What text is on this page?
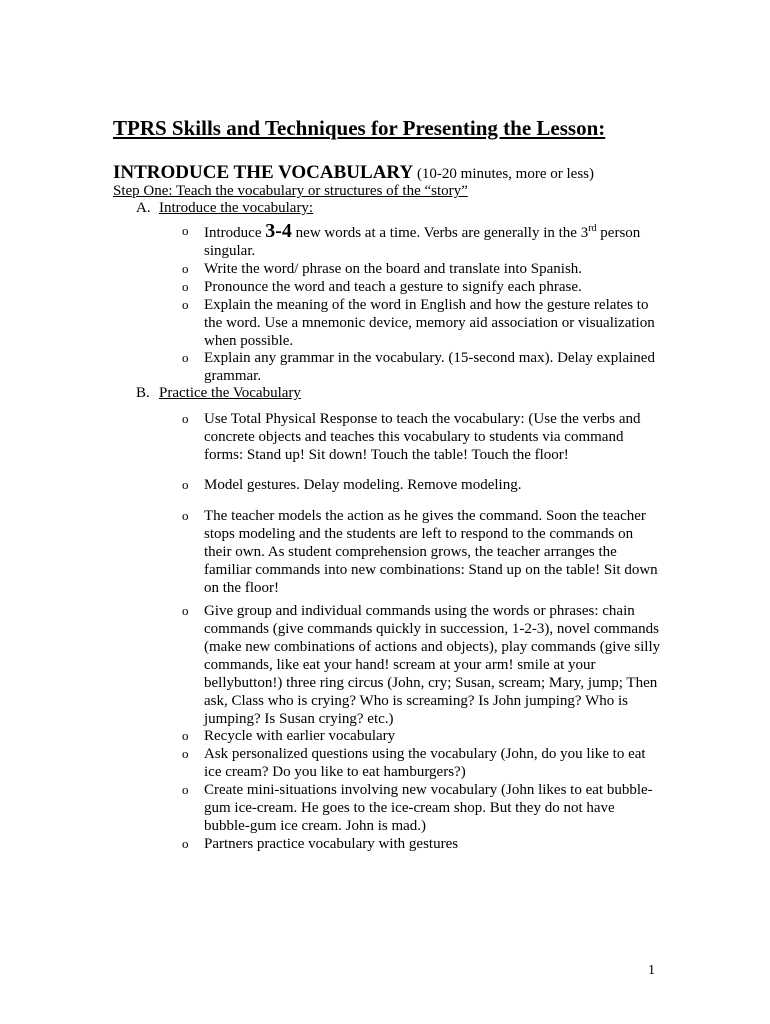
TPRS Skills and Techniques for Presenting the Lesson:
INTRODUCE THE VOCABULARY (10-20 minutes, more or less)
Step One: Teach the vocabulary or structures of the “story”
A. Introduce the vocabulary:
o Introduce 3-4 new words at a time. Verbs are generally in the 3rd person singular.
o Write the word/ phrase on the board and translate into Spanish.
o Pronounce the word and teach a gesture to signify each phrase.
o Explain the meaning of the word in English and how the gesture relates to the word. Use a mnemonic device, memory aid association or visualization when possible.
o Explain any grammar in the vocabulary. (15-second max). Delay explained grammar.
B. Practice the Vocabulary
o Use Total Physical Response to teach the vocabulary: (Use the verbs and concrete objects and teaches this vocabulary to students via command forms: Stand up! Sit down! Touch the table! Touch the floor!
o Model gestures. Delay modeling. Remove modeling.
o The teacher models the action as he gives the command. Soon the teacher stops modeling and the students are left to respond to the commands on their own. As student comprehension grows, the teacher arranges the familiar commands into new combinations: Stand up on the table! Sit down on the floor!
o Give group and individual commands using the words or phrases: chain commands (give commands quickly in succession, 1-2-3), novel commands (make new combinations of actions and objects), play commands (give silly commands, like eat your hand! scream at your arm! smile at your bellybutton!) three ring circus (John, cry; Susan, scream; Mary, jump; Then ask, Class who is crying? Who is screaming? Is John jumping? Who is jumping? Is Susan crying? etc.)
o Recycle with earlier vocabulary
o Ask personalized questions using the vocabulary (John, do you like to eat ice cream? Do you like to eat hamburgers?)
o Create mini-situations involving new vocabulary (John likes to eat bubble-gum ice-cream. He goes to the ice-cream shop. But they do not have bubble-gum ice cream. John is mad.)
o Partners practice vocabulary with gestures
1
